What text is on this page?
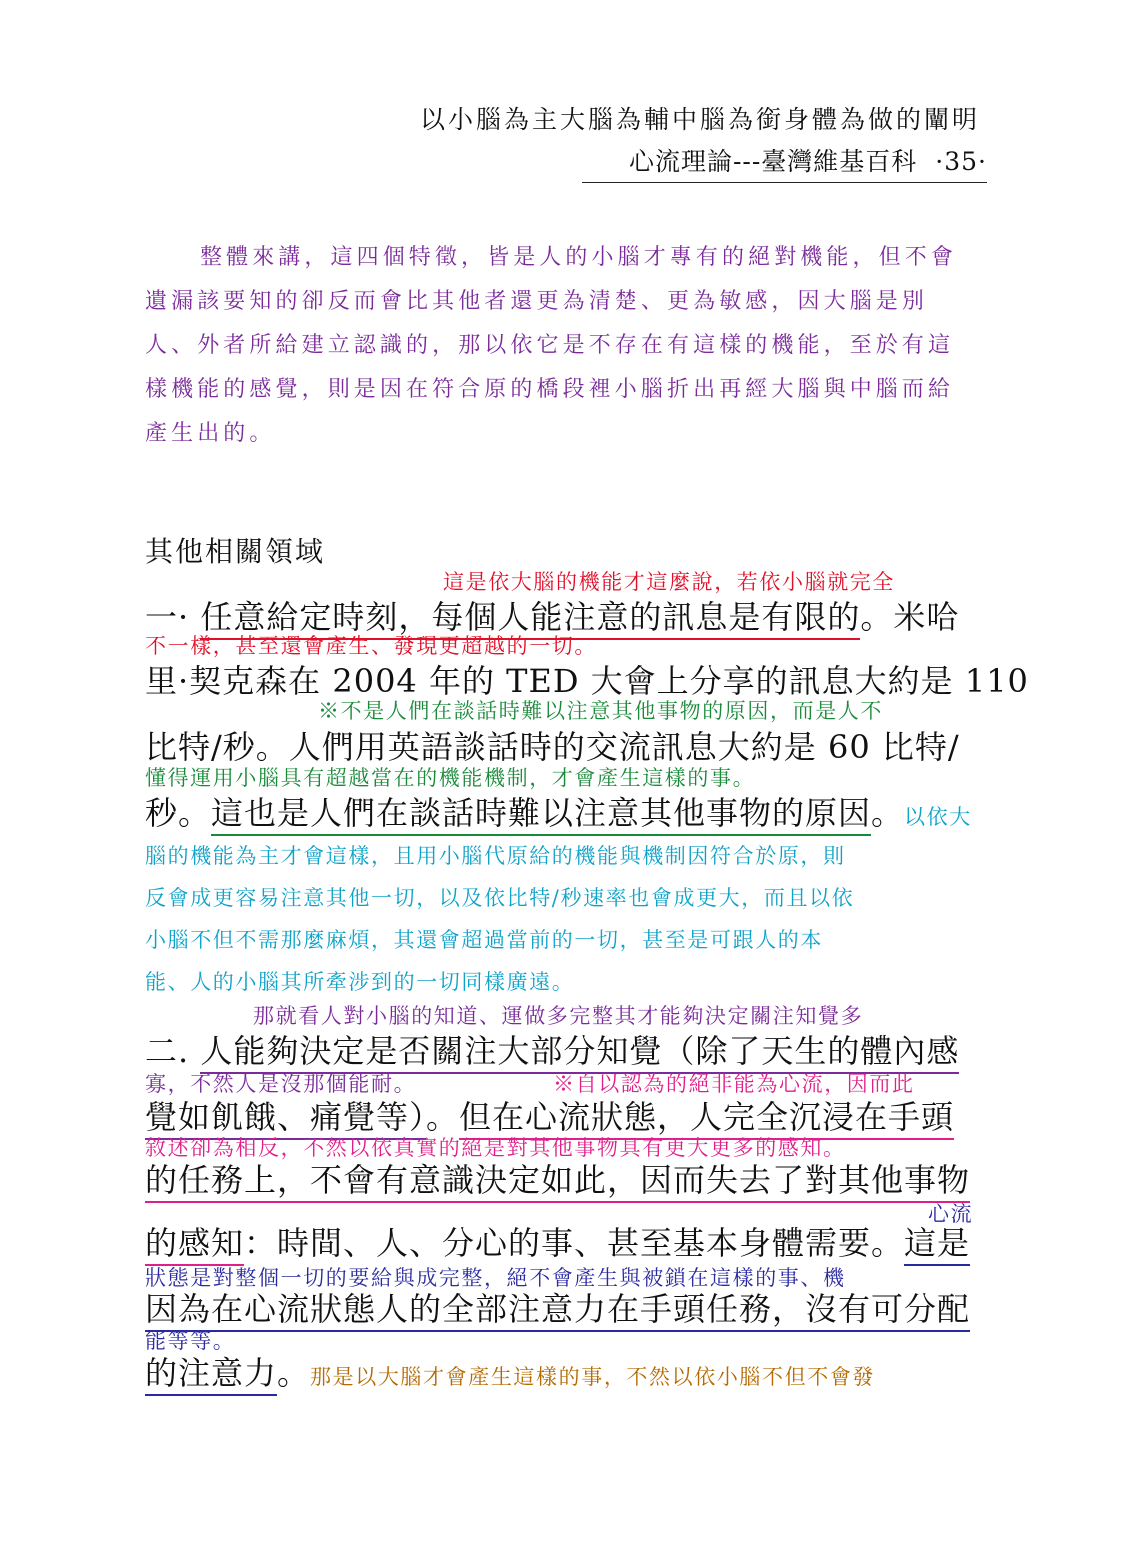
以小腦為主大腦為輔中腦為銜身體為做的闡明
心流理論---臺灣維基百科 ·35·
整體來講，這四個特徵，皆是人的小腦才專有的絕對機能，但不會
遺漏該要知的卻反而會比其他者還更為清楚、更為敏感，因大腦是別
人、外者所給建立認識的，那以依它是不存在有這樣的機能，至於有這
樣機能的感覺，則是因在符合原的橋段裡小腦折出再經大腦與中腦而給
產生出的。
其他相關領域
這是依大腦的機能才這麼說，若依小腦就完全
一· 任意給定時刻，每個人能注意的訊息是有限的。米哈
不一樣，甚至還會產生、發現更超越的一切。
里·契克森在 2004 年的 TED 大會上分享的訊息大約是 110
※不是人們在談話時難以注意其他事物的原因，而是人不
比特/秒。人們用英語談話時的交流訊息大約是 60 比特/
懂得運用小腦具有超越當在的機能機制，才會產生這樣的事。
秒。這也是人們在談話時難以注意其他事物的原因。以依大
腦的機能為主才會這樣，且用小腦代原給的機能與機制因符合於原，則
反會成更容易注意其他一切，以及依比特/秒速率也會成更大，而且以依
小腦不但不需那麼麻煩，其還會超過當前的一切，甚至是可跟人的本
能、人的小腦其所牽涉到的一切同樣廣遠。
那就看人對小腦的知道、運做多完整其才能夠決定關注知覺多
二. 人能夠決定是否關注大部分知覺（除了天生的體內感
寡，不然人是沒那個能耐。	※自以認為的絕非能為心流，因而此
覺如飢餓、痛覺等）。但在心流狀態，人完全沉浸在手頭
敘述卻為相反，不然以依真實的絕是對其他事物具有更大更多的感知。
的任務上，不會有意識決定如此，因而失去了對其他事物
心流
的感知：時間、人、分心的事、甚至基本身體需要。這是
狀態是對整個一切的要給與成完整，絕不會產生與被鎖在這樣的事、機
因為在心流狀態人的全部注意力在手頭任務，沒有可分配
能等等。
的注意力。那是以大腦才會產生這樣的事，不然以依小腦不但不會發
